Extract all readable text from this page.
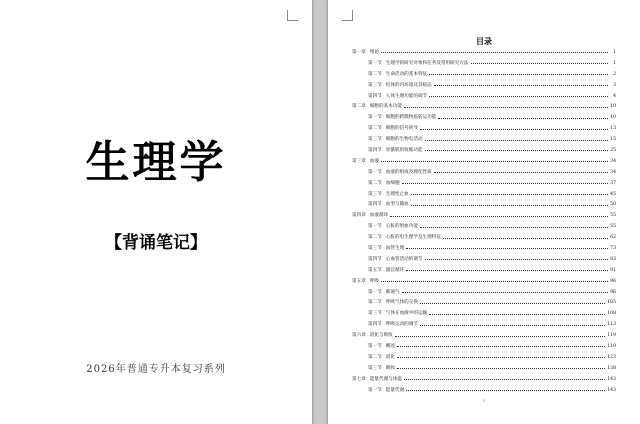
生理学
【背诵笔记】
2026年普通专升本复习系列
目录
第一章 绪论	1
第一节 生理学的研究对象和任务及常用研究方法	1
第二节 生命活动的基本特征	2
第三节 机体的内环境及其稳态	3
第四节 人体生理功能的调节	4
第二章 细胞的基本功能	10
第一节 细胞的跨膜物质转运功能	10
第二节 细胞的信号转导	13
第三节 细胞的生物电活动	15
第四节 骨骼肌的收缩功能	25
第三章 血液	34
第一节 血液的组成及理化性质	34
第二节 血细胞	37
第三节 生理性止血	45
第四节 血型与输血	50
第四章 血液循环	55
第一节 心脏的射血功能	55
第二节 心脏的电生理学及生理特征	62
第三节 血管生理	73
第四节 心血管活动的调节	83
第五节 器官循环	91
第五章 呼吸	96
第一节 肺通气	96
第二节 呼吸气体的交换	105
第三节 气体在血液中的运输	108
第四节 呼吸运动的调节	113
第六章 消化与吸收	119
第一节 概述	119
第二节 消化	123
第三节 吸收	138
第七章 能量代谢与体温	143
第一节 能量代谢	143
I
